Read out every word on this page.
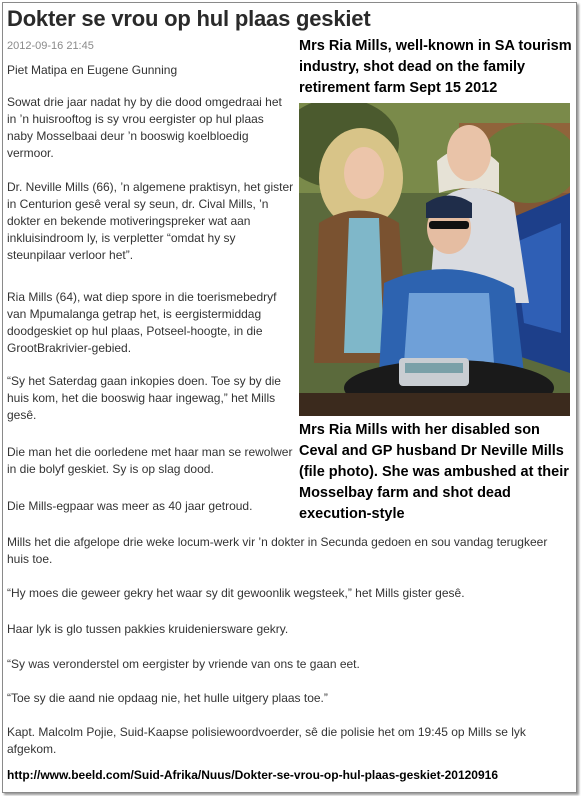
Dokter se vrou op hul plaas geskiet
2012-09-16 21:45
Piet Matipa en Eugene Gunning

Sowat drie jaar nadat hy by die dood omgedraai het in ’n huisrooftog is sy vrou eergister op hul plaas naby Mosselbaai deur ’n booswig koelbloedig vermoor.

Dr. Neville Mills (66), ’n algemene praktisyn, het gister in Centurion gesê veral sy seun, dr. Cival Mills, ’n dokter en bekende motiveringspreker wat aan inkluisindroom ly, is verpletter “omdat hy sy steunpilaar verloor het”.

Ria Mills (64), wat diep spore in die toerismebedryf van Mpumalanga getrap het, is eergistermiddag doodgeskiet op hul plaas, Potseel-hoogte, in die GrootBrakrivier-gebied.

“Sy het Saterdag gaan inkopies doen. Toe sy by die huis kom, het die booswig haar ingewag,” het Mills gesê.

Die man het die oorledene met haar man se rewolwer in die bolyf geskiet. Sy is op slag dood.

Die Mills-egpaar was meer as 40 jaar getroud.

Mills het die afgelope drie weke locum-werk vir ’n dokter in Secunda gedoen en sou vandag terugkeer huis toe.

“Hy moes die geweer gekry het waar sy dit gewoonlik wegsteek,” het Mills gister gesê.

Haar lyk is glo tussen pakkies kruideniersware gekry.

“Sy was veronderstel om eergister by vriende van ons te gaan eet.

“Toe sy die aand nie opdaag nie, het hulle uitgery plaas toe.”

Kapt. Malcolm Pojie, Suid-Kaapse polisiewoordvoerder, sê die polisie het om 19:45 op Mills se lyk afgekom.

Mrs Ria Mills, well-known in SA tourism industry, shot dead on the family retirement farm Sept 15 2012

Mrs Ria Mills with her disabled son Ceval and GP husband Dr Neville Mills (file photo). She was ambushed at their Mosselbay farm and shot dead execution-style

http://www.beeld.com/Suid-Afrika/Nuus/Dokter-se-vrou-op-hul-plaas-geskiet-20120916
